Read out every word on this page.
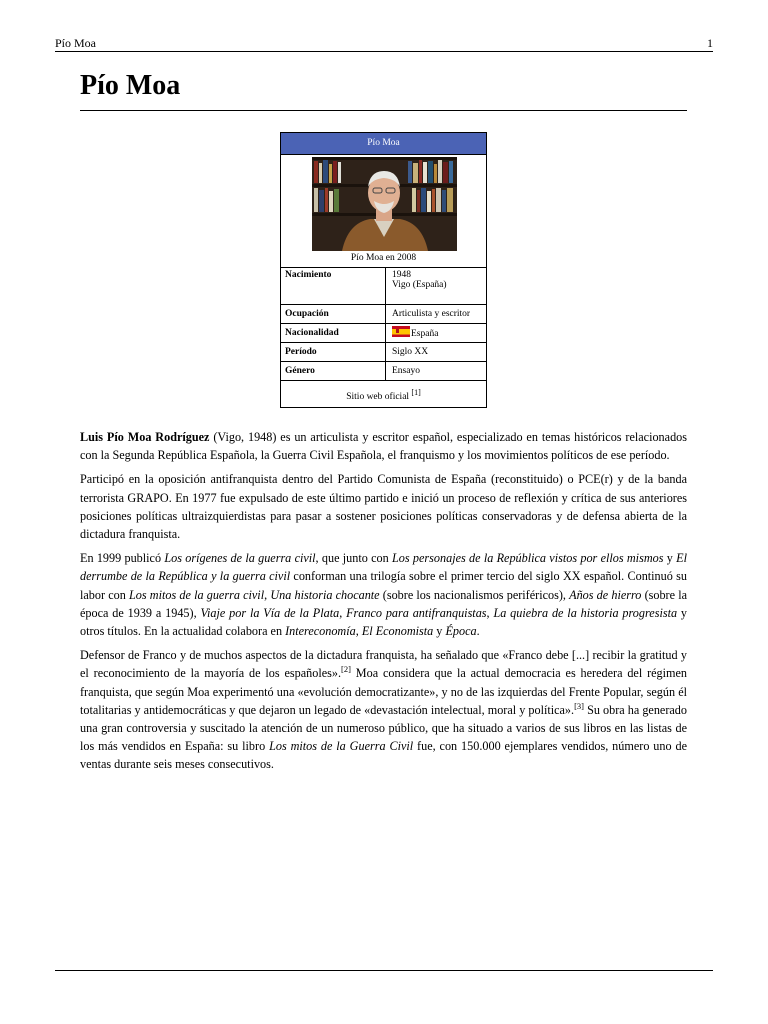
Pío Moa	1
Pío Moa
Pío Moa
Pío Moa en 2008
Nacimiento	1948
Vigo (España)
Ocupación	Articulista y escritor
Nacionalidad	España
Período	Siglo XX
Género	Ensayo
Sitio web oficial [1]

Luis Pío Moa Rodríguez (Vigo, 1948) es un articulista y escritor español, especializado en temas históricos relacionados con la Segunda República Española, la Guerra Civil Española, el franquismo y los movimientos políticos de ese período.

Participó en la oposición antifranquista dentro del Partido Comunista de España (reconstituido) o PCE(r) y de la banda terrorista GRAPO. En 1977 fue expulsado de este último partido e inició un proceso de reflexión y crítica de sus anteriores posiciones políticas ultraizquierdistas para pasar a sostener posiciones políticas conservadoras y de defensa abierta de la dictadura franquista.

En 1999 publicó Los orígenes de la guerra civil, que junto con Los personajes de la República vistos por ellos mismos y El derrumbe de la República y la guerra civil conforman una trilogía sobre el primer tercio del siglo XX español. Continuó su labor con Los mitos de la guerra civil, Una historia chocante (sobre los nacionalismos periféricos), Años de hierro (sobre la época de 1939 a 1945), Viaje por la Vía de la Plata, Franco para antifranquistas, La quiebra de la historia progresista y otros títulos. En la actualidad colabora en Intereconomía, El Economista y Época.

Defensor de Franco y de muchos aspectos de la dictadura franquista, ha señalado que «Franco debe [...] recibir la gratitud y el reconocimiento de la mayoría de los españoles».[2] Moa considera que la actual democracia es heredera del régimen franquista, que según Moa experimentó una «evolución democratizante», y no de las izquierdas del Frente Popular, según él totalitarias y antidemocráticas y que dejaron un legado de «devastación intelectual, moral y política».[3] Su obra ha generado una gran controversia y suscitado la atención de un numeroso público, que ha situado a varios de sus libros en las listas de los más vendidos en España: su libro Los mitos de la Guerra Civil fue, con 150.000 ejemplares vendidos, número uno de ventas durante seis meses consecutivos.
